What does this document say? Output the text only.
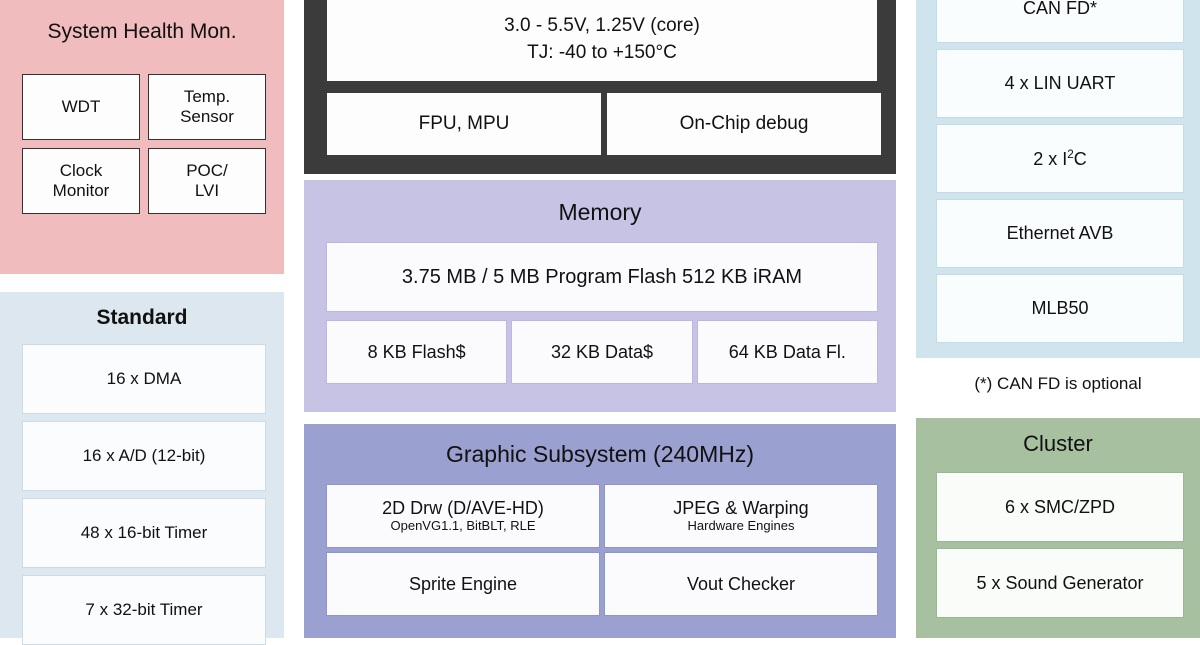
System Health Mon.
WDT
Temp.
Sensor
Clock
Monitor
POC/
LVI
Standard
16 x DMA
16 x A/D (12-bit)
48 x 16-bit Timer
7 x 32-bit Timer
3.0 - 5.5V, 1.25V (core)
TJ: -40 to +150°C
FPU, MPU	On-Chip debug
Memory
3.75 MB / 5 MB Program Flash 512 KB iRAM
8 KB Flash$	32 KB Data$	64 KB Data Fl.
Graphic Subsystem (240MHz)
2D Drw (D/AVE-HD)
OpenVG1.1, BitBLT, RLE
JPEG & Warping
Hardware Engines
Sprite Engine	Vout Checker
CAN FD*
4 x LIN UART
2 x $I^2C$
Ethernet AVB
MLB50
(*) CAN FD is optional
Cluster
6 x SMC/ZPD
5 x Sound Generator
